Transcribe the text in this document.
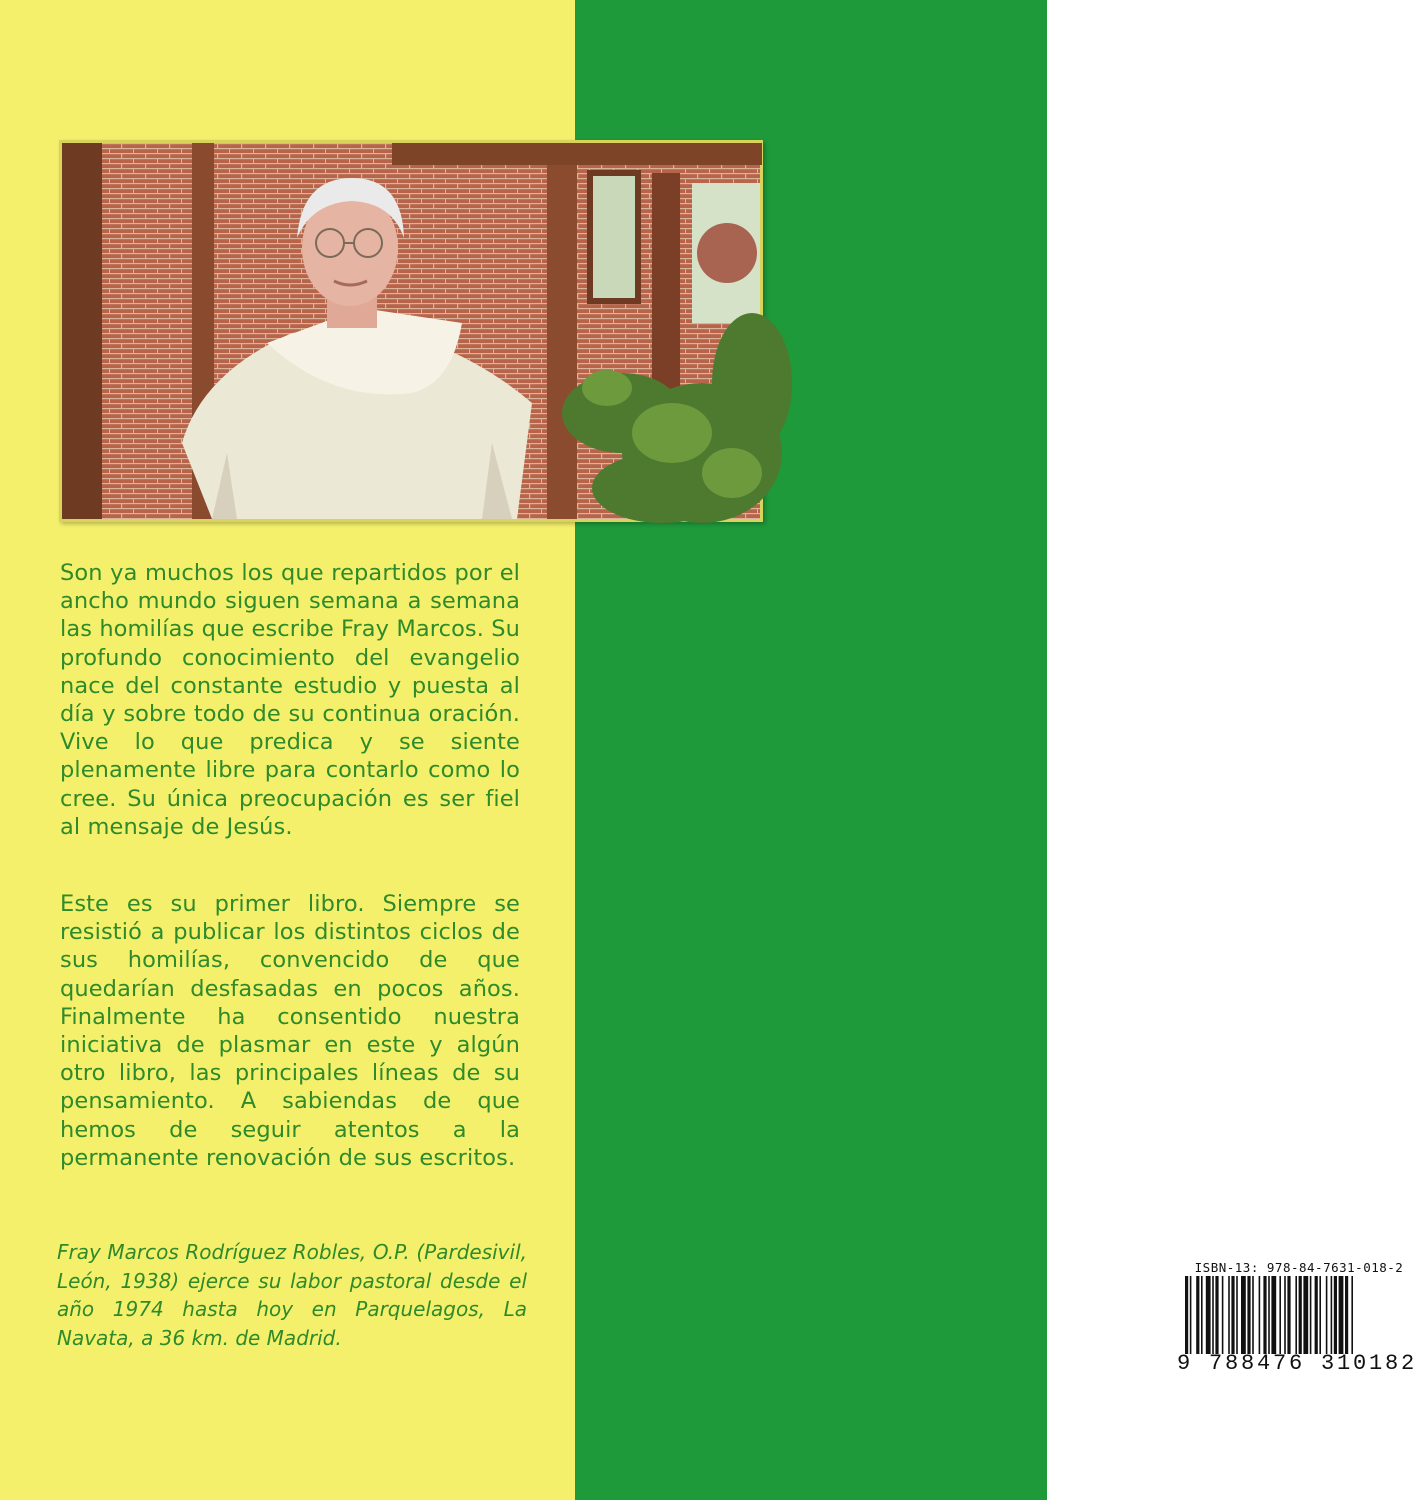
Son ya muchos los que repartidos por el ancho mundo siguen semana a semana las homilías que escribe Fray Marcos. Su profundo conocimiento del evangelio nace del constante estudio y puesta al día y sobre todo de su continua oración. Vive lo que predica y se siente plenamente libre para contarlo como lo cree. Su única preocupación es ser fiel al mensaje de Jesús.
Este es su primer libro. Siempre se resistió a publicar los distintos ciclos de sus homilías, convencido de que quedarían desfasadas en pocos años. Finalmente ha consentido nuestra iniciativa de plasmar en este y algún otro libro, las principales líneas de su pensamiento. A sabiendas de que hemos de seguir atentos a la permanente renovación de sus escritos.
Fray Marcos Rodríguez Robles, O.P. (Pardesivil, León, 1938) ejerce su labor pastoral desde el año 1974 hasta hoy en Parquelagos, La Navata, a 36 km. de Madrid.
ISBN-13: 978-84-7631-018-2
9 788476 310182
